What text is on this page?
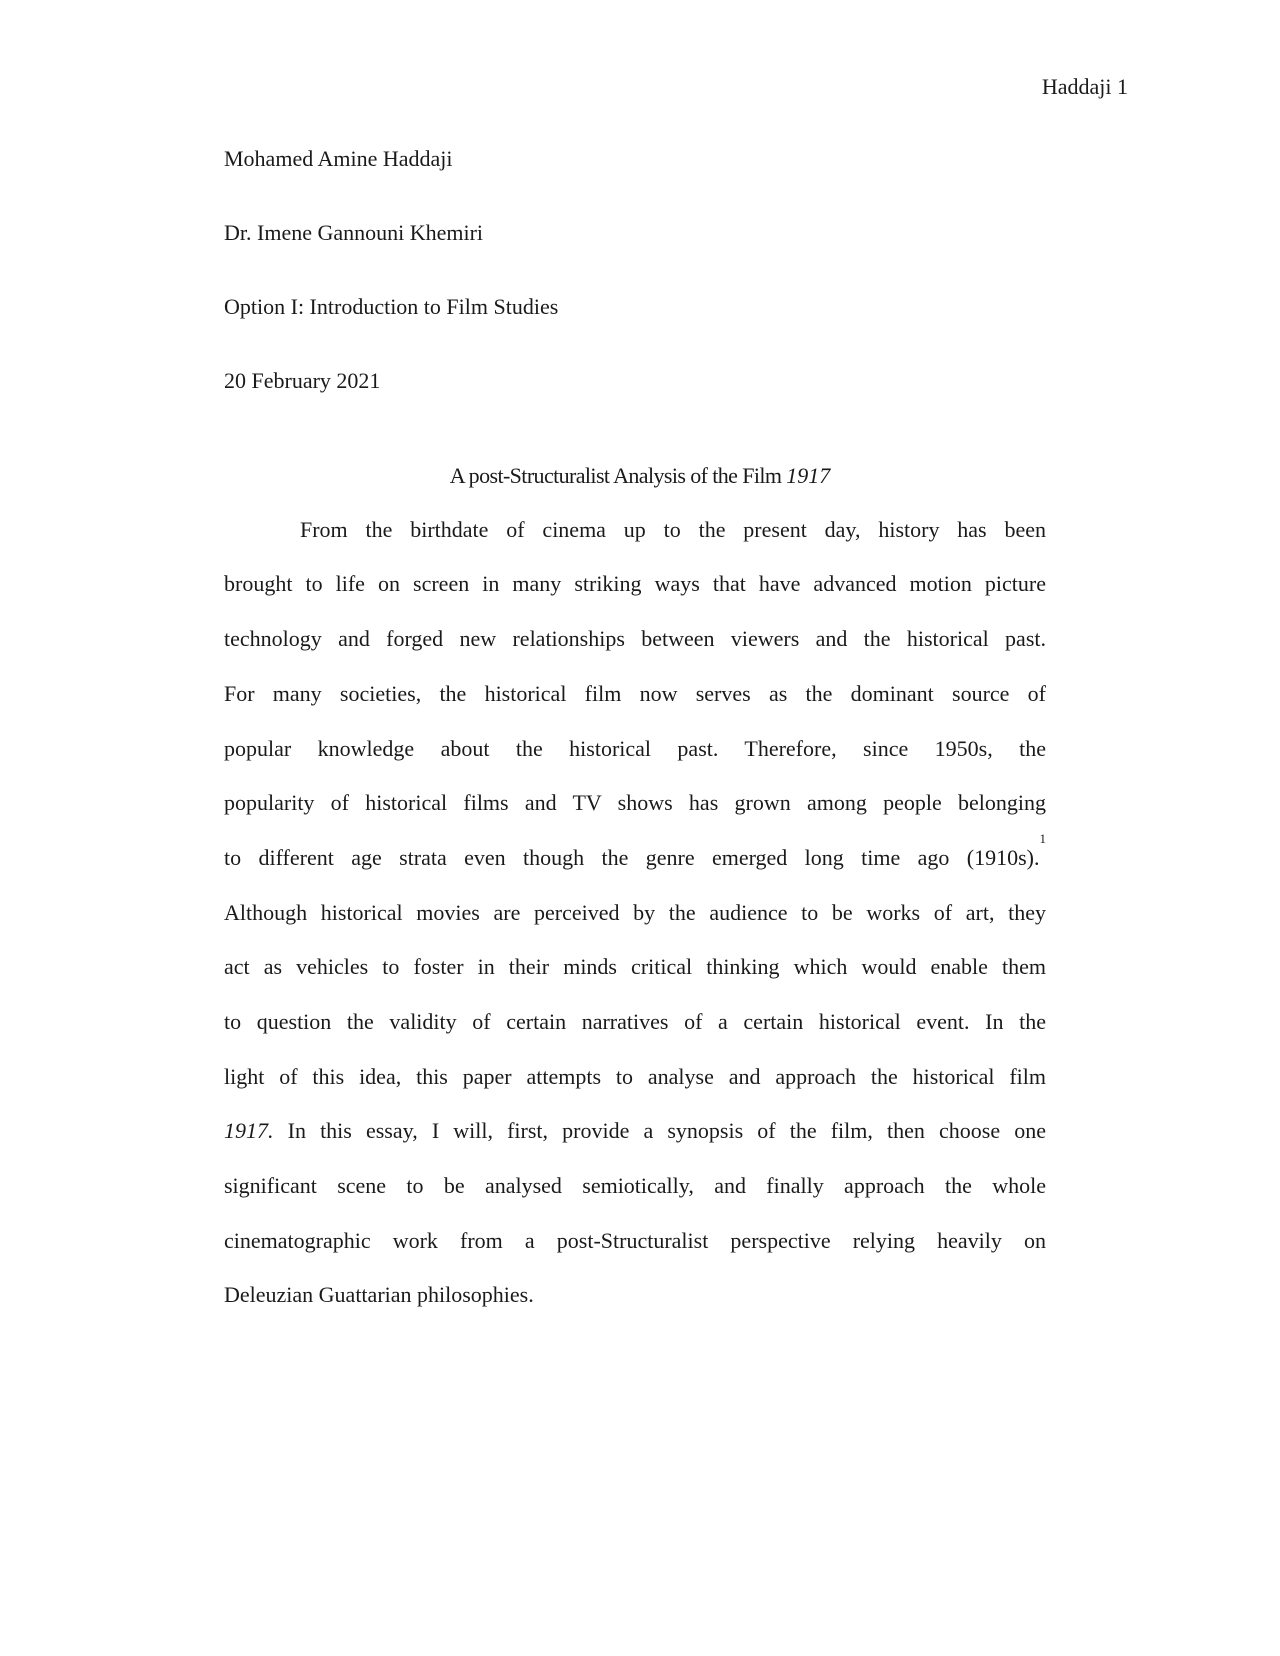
Haddaji 1
Mohamed Amine Haddaji
Dr. Imene Gannouni Khemiri
Option I: Introduction to Film Studies
20 February 2021
A post-Structuralist Analysis of the Film 1917
From the birthdate of cinema up to the present day, history has been
brought to life on screen in many striking ways that have advanced motion picture
technology and forged new relationships between viewers and the historical past.
For many societies, the historical film now serves as the dominant source of
popular knowledge about the historical past. Therefore, since 1950s, the
popularity of historical films and TV shows has grown among people belonging
to different age strata even though the genre emerged long time ago (1910s).$^1$
Although historical movies are perceived by the audience to be works of art, they
act as vehicles to foster in their minds critical thinking which would enable them
to question the validity of certain narratives of a certain historical event. In the
light of this idea, this paper attempts to analyse and approach the historical film
1917. In this essay, I will, first, provide a synopsis of the film, then choose one
significant scene to be analysed semiotically, and finally approach the whole
cinematographic work from a post-Structuralist perspective relying heavily on
Deleuzian Guattarian philosophies.
